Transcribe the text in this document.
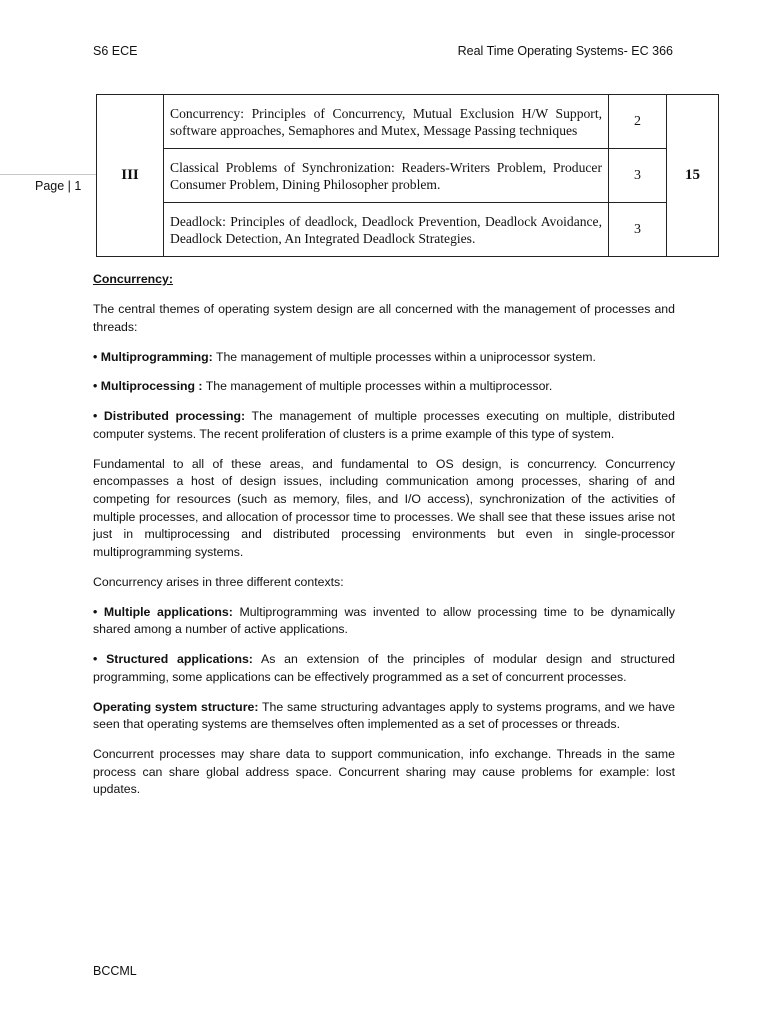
S6 ECE	Real Time Operating Systems- EC 366
Page | 1
III	Concurrency: Principles of Concurrency, Mutual Exclusion H/W Support, software approaches, Semaphores and Mutex, Message Passing techniques	2	15
	Classical Problems of Synchronization: Readers-Writers Problem, Producer Consumer Problem, Dining Philosopher problem.	3	
	Deadlock: Principles of deadlock, Deadlock Prevention, Deadlock Avoidance, Deadlock Detection, An Integrated Deadlock Strategies.	3	

Concurrency:

The central themes of operating system design are all concerned with the management of processes and threads:

• Multiprogramming: The management of multiple processes within a uniprocessor system.

• Multiprocessing : The management of multiple processes within a multiprocessor.

• Distributed processing: The management of multiple processes executing on multiple, distributed computer systems. The recent proliferation of clusters is a prime example of this type of system.

Fundamental to all of these areas, and fundamental to OS design, is concurrency. Concurrency encompasses a host of design issues, including communication among processes, sharing of and competing for resources (such as memory, files, and I/O access), synchronization of the activities of multiple processes, and allocation of processor time to processes. We shall see that these issues arise not just in multiprocessing and distributed processing environments but even in single-processor multiprogramming systems.

Concurrency arises in three different contexts:

• Multiple applications: Multiprogramming was invented to allow processing time to be dynamically shared among a number of active applications.

• Structured applications: As an extension of the principles of modular design and structured programming, some applications can be effectively programmed as a set of concurrent processes.

Operating system structure: The same structuring advantages apply to systems programs, and we have seen that operating systems are themselves often implemented as a set of processes or threads.

Concurrent processes may share data to support communication, info exchange. Threads in the same process can share global address space. Concurrent sharing may cause problems for example: lost updates.

BCCML
